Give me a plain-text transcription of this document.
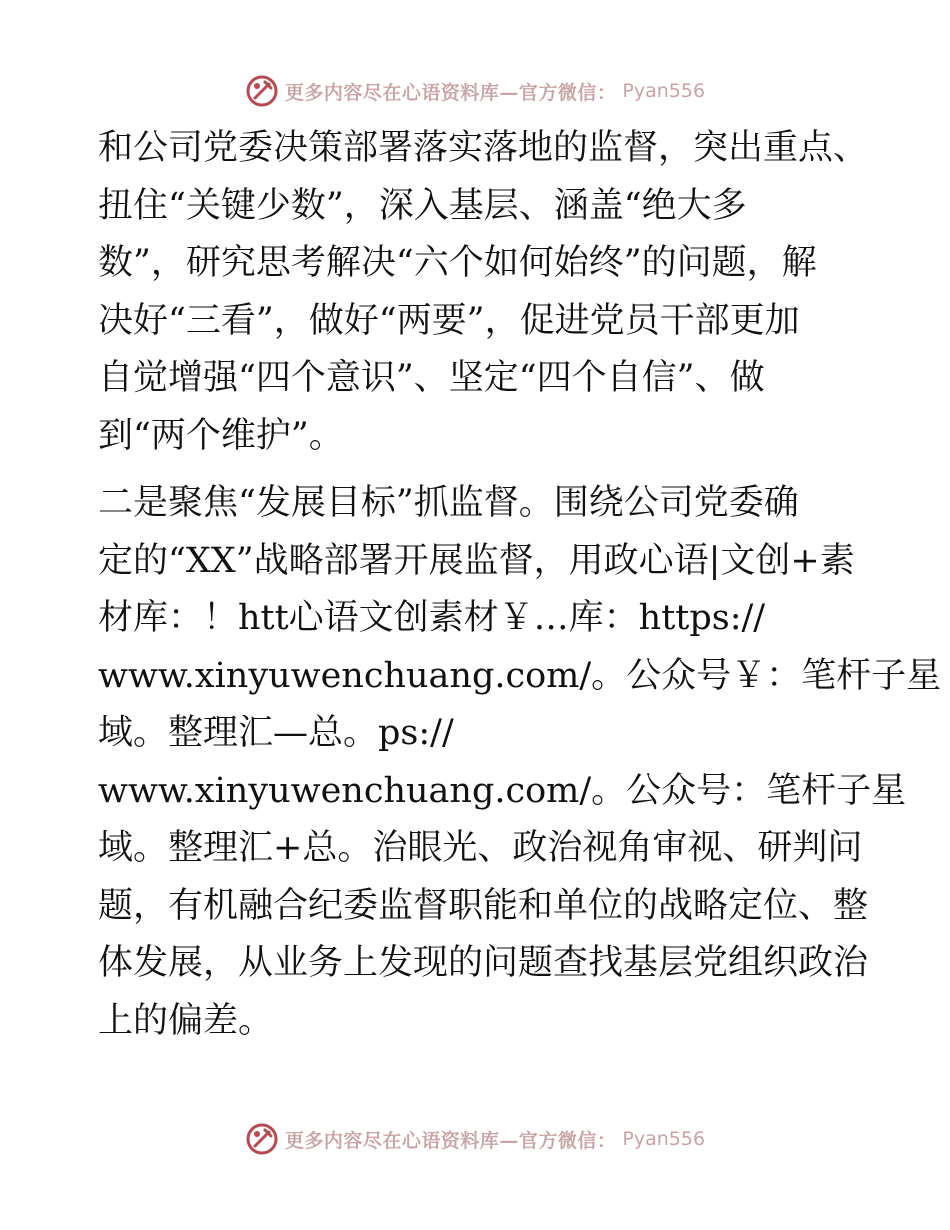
更多内容尽在心语资料库—官方微信： Pyan556
和公司党委决策部署落实落地的监督，突出重点、
扭住“关键少数”，深入基层、涵盖“绝大多
数”，研究思考解决“六个如何始终”的问题，解
决好“三看”，做好“两要”，促进党员干部更加
自觉增强“四个意识”、坚定“四个自信”、做
到“两个维护”。
二是聚焦“发展目标”抓监督。围绕公司党委确
定的“XX”战略部署开展监督，用政心语|文创+素
材库：！htt心语文创素材￥…库：https://
www.xinyuwenchuang.com/。公众号￥：笔杆子星
域。整理汇—总。ps://
www.xinyuwenchuang.com/。公众号：笔杆子星
域。整理汇+总。治眼光、政治视角审视、研判问
题，有机融合纪委监督职能和单位的战略定位、整
体发展，从业务上发现的问题查找基层党组织政治
上的偏差。
更多内容尽在心语资料库—官方微信： Pyan556
